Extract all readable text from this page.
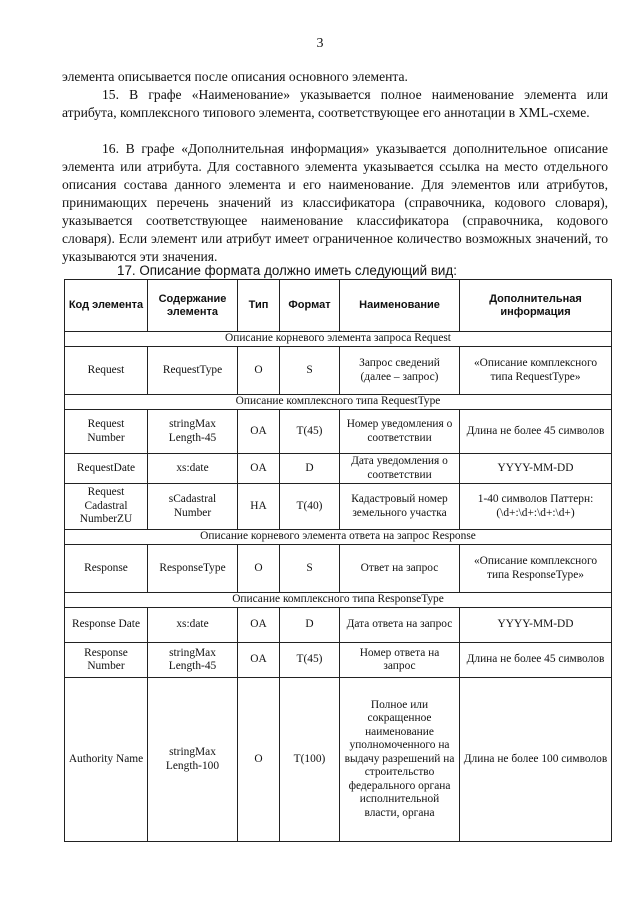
3
элемента описывается после описания основного элемента.
15. В графе «Наименование» указывается полное наименование элемента или атрибута, комплексного типового элемента, соответствующее его аннотации в XML-схеме.
16. В графе «Дополнительная информация» указывается дополнительное описание элемента или атрибута. Для составного элемента указывается ссылка на место отдельного описания состава данного элемента и его наименование. Для элементов или атрибутов, принимающих перечень значений из классификатора (справочника, кодового словаря), указывается соответствующее наименование классификатора (справочника, кодового словаря). Если элемент или атрибут имеет ограниченное количество возможных значений, то указываются эти значения.
17. Описание формата должно иметь следующий вид:
Код элемента	Содержание элемента	Тип	Формат	Наименование	Дополнительная информация
Описание корневого элемента запроса Request					
Request	RequestType	O	S	Запрос сведений (далее – запрос)	«Описание комплексного типа RequestType»
Описание комплексного типа RequestType					
Request Number	stringMax Length-45	OA	T(45)	Номер уведомления о соответствии	Длина не более 45 символов
RequestDate	xs:date	OA	D	Дата уведомления о соответствии	YYYY-MM-DD
Request Cadastral NumberZU	sCadastral Number	НА	T(40)	Кадастровый номер земельного участка	1-40 символов Паттерн: (\d+:\d+:\d+:\d+)
Описание корневого элемента ответа на запрос Response					
Response	ResponseType	O	S	Ответ на запрос	«Описание комплексного типа ResponseType»
Описание комплексного типа ResponseType					
Response Date	xs:date	OA	D	Дата ответа на запрос	YYYY-MM-DD
Response Number	stringMax Length-45	OA	T(45)	Номер ответа на запрос	Длина не более 45 символов
Authority Name	stringMax Length-100	O	T(100)	Полное или сокращенное наименование уполномоченного на выдачу разрешений на строительство федерального органа исполнительной власти, органа	Длина не более 100 символов
